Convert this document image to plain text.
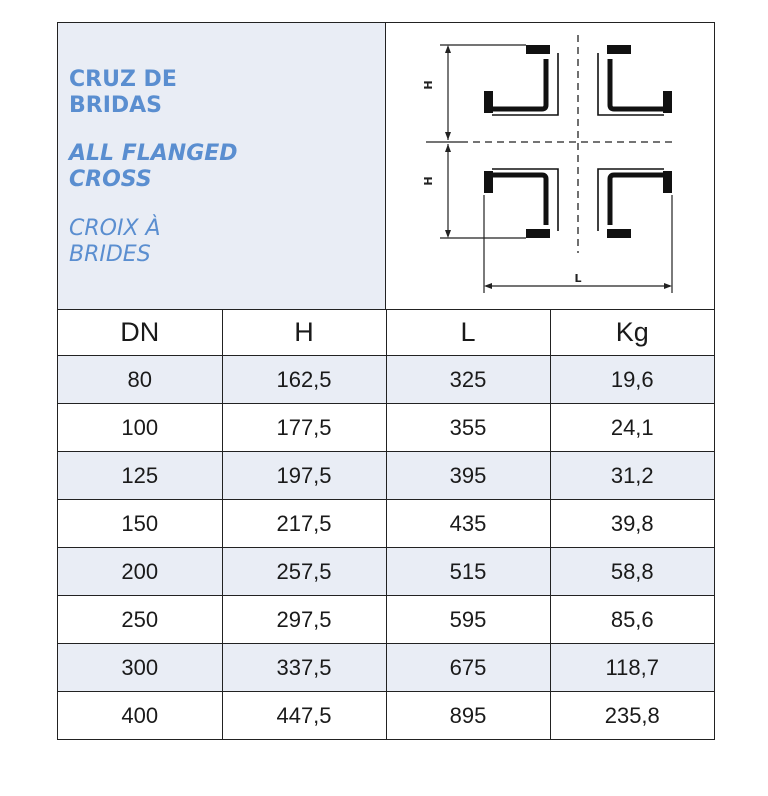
CRUZ DE
BRIDAS

ALL FLANGED
CROSS

CROIX À
BRIDES

H
H
L
DN	H	L	Kg
80	162,5	325	19,6
100	177,5	355	24,1
125	197,5	395	31,2
150	217,5	435	39,8
200	257,5	515	58,8
250	297,5	595	85,6
300	337,5	675	118,7
400	447,5	895	235,8
